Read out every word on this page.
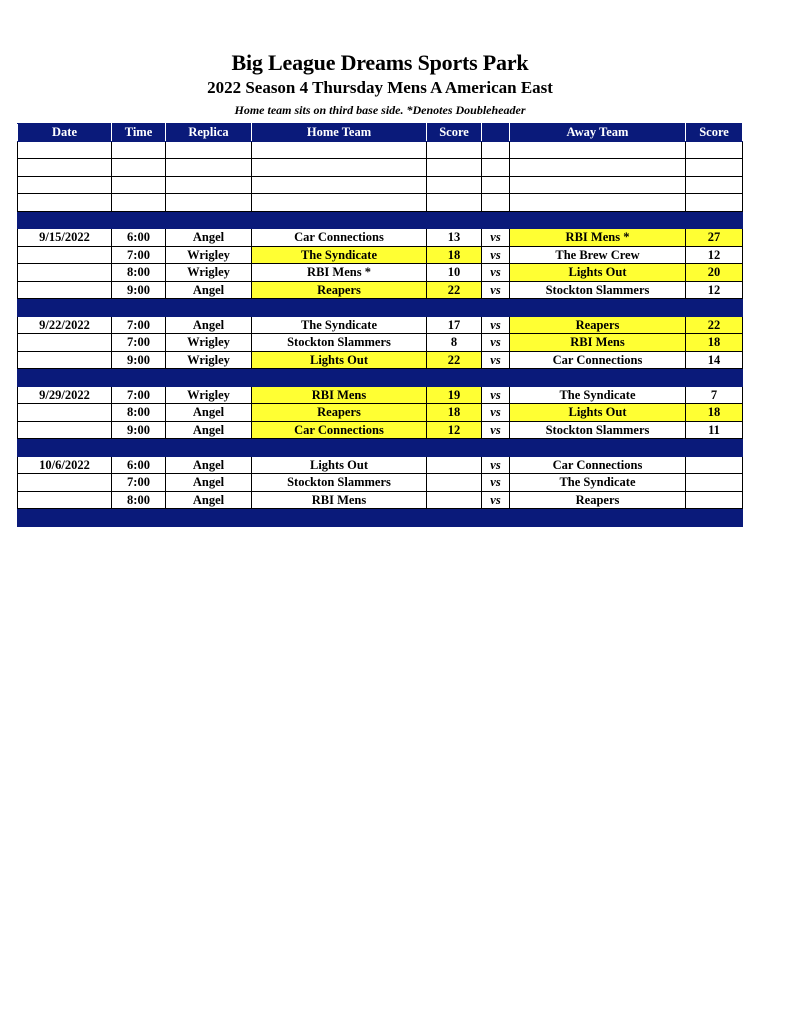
Big League Dreams Sports Park
2022 Season 4 Thursday Mens A American East
Home team sits on third base side. *Denotes Doubleheader
Date	Time	Replica	Home Team	Score		Away Team	Score

9/15/2022	6:00	Angel	Car Connections	13	vs	RBI Mens *	27
	7:00	Wrigley	The Syndicate	18	vs	The Brew Crew	12
	8:00	Wrigley	RBI Mens *	10	vs	Lights Out	20
	9:00	Angel	Reapers	22	vs	Stockton Slammers	12

9/22/2022	7:00	Angel	The Syndicate	17	vs	Reapers	22
	7:00	Wrigley	Stockton Slammers	8	vs	RBI Mens	18
	9:00	Wrigley	Lights Out	22	vs	Car Connections	14

9/29/2022	7:00	Wrigley	RBI Mens	19	vs	The Syndicate	7
	8:00	Angel	Reapers	18	vs	Lights Out	18
	9:00	Angel	Car Connections	12	vs	Stockton Slammers	11

10/6/2022	6:00	Angel	Lights Out		vs	Car Connections	
	7:00	Angel	Stockton Slammers		vs	The Syndicate	
	8:00	Angel	RBI Mens		vs	Reapers	
